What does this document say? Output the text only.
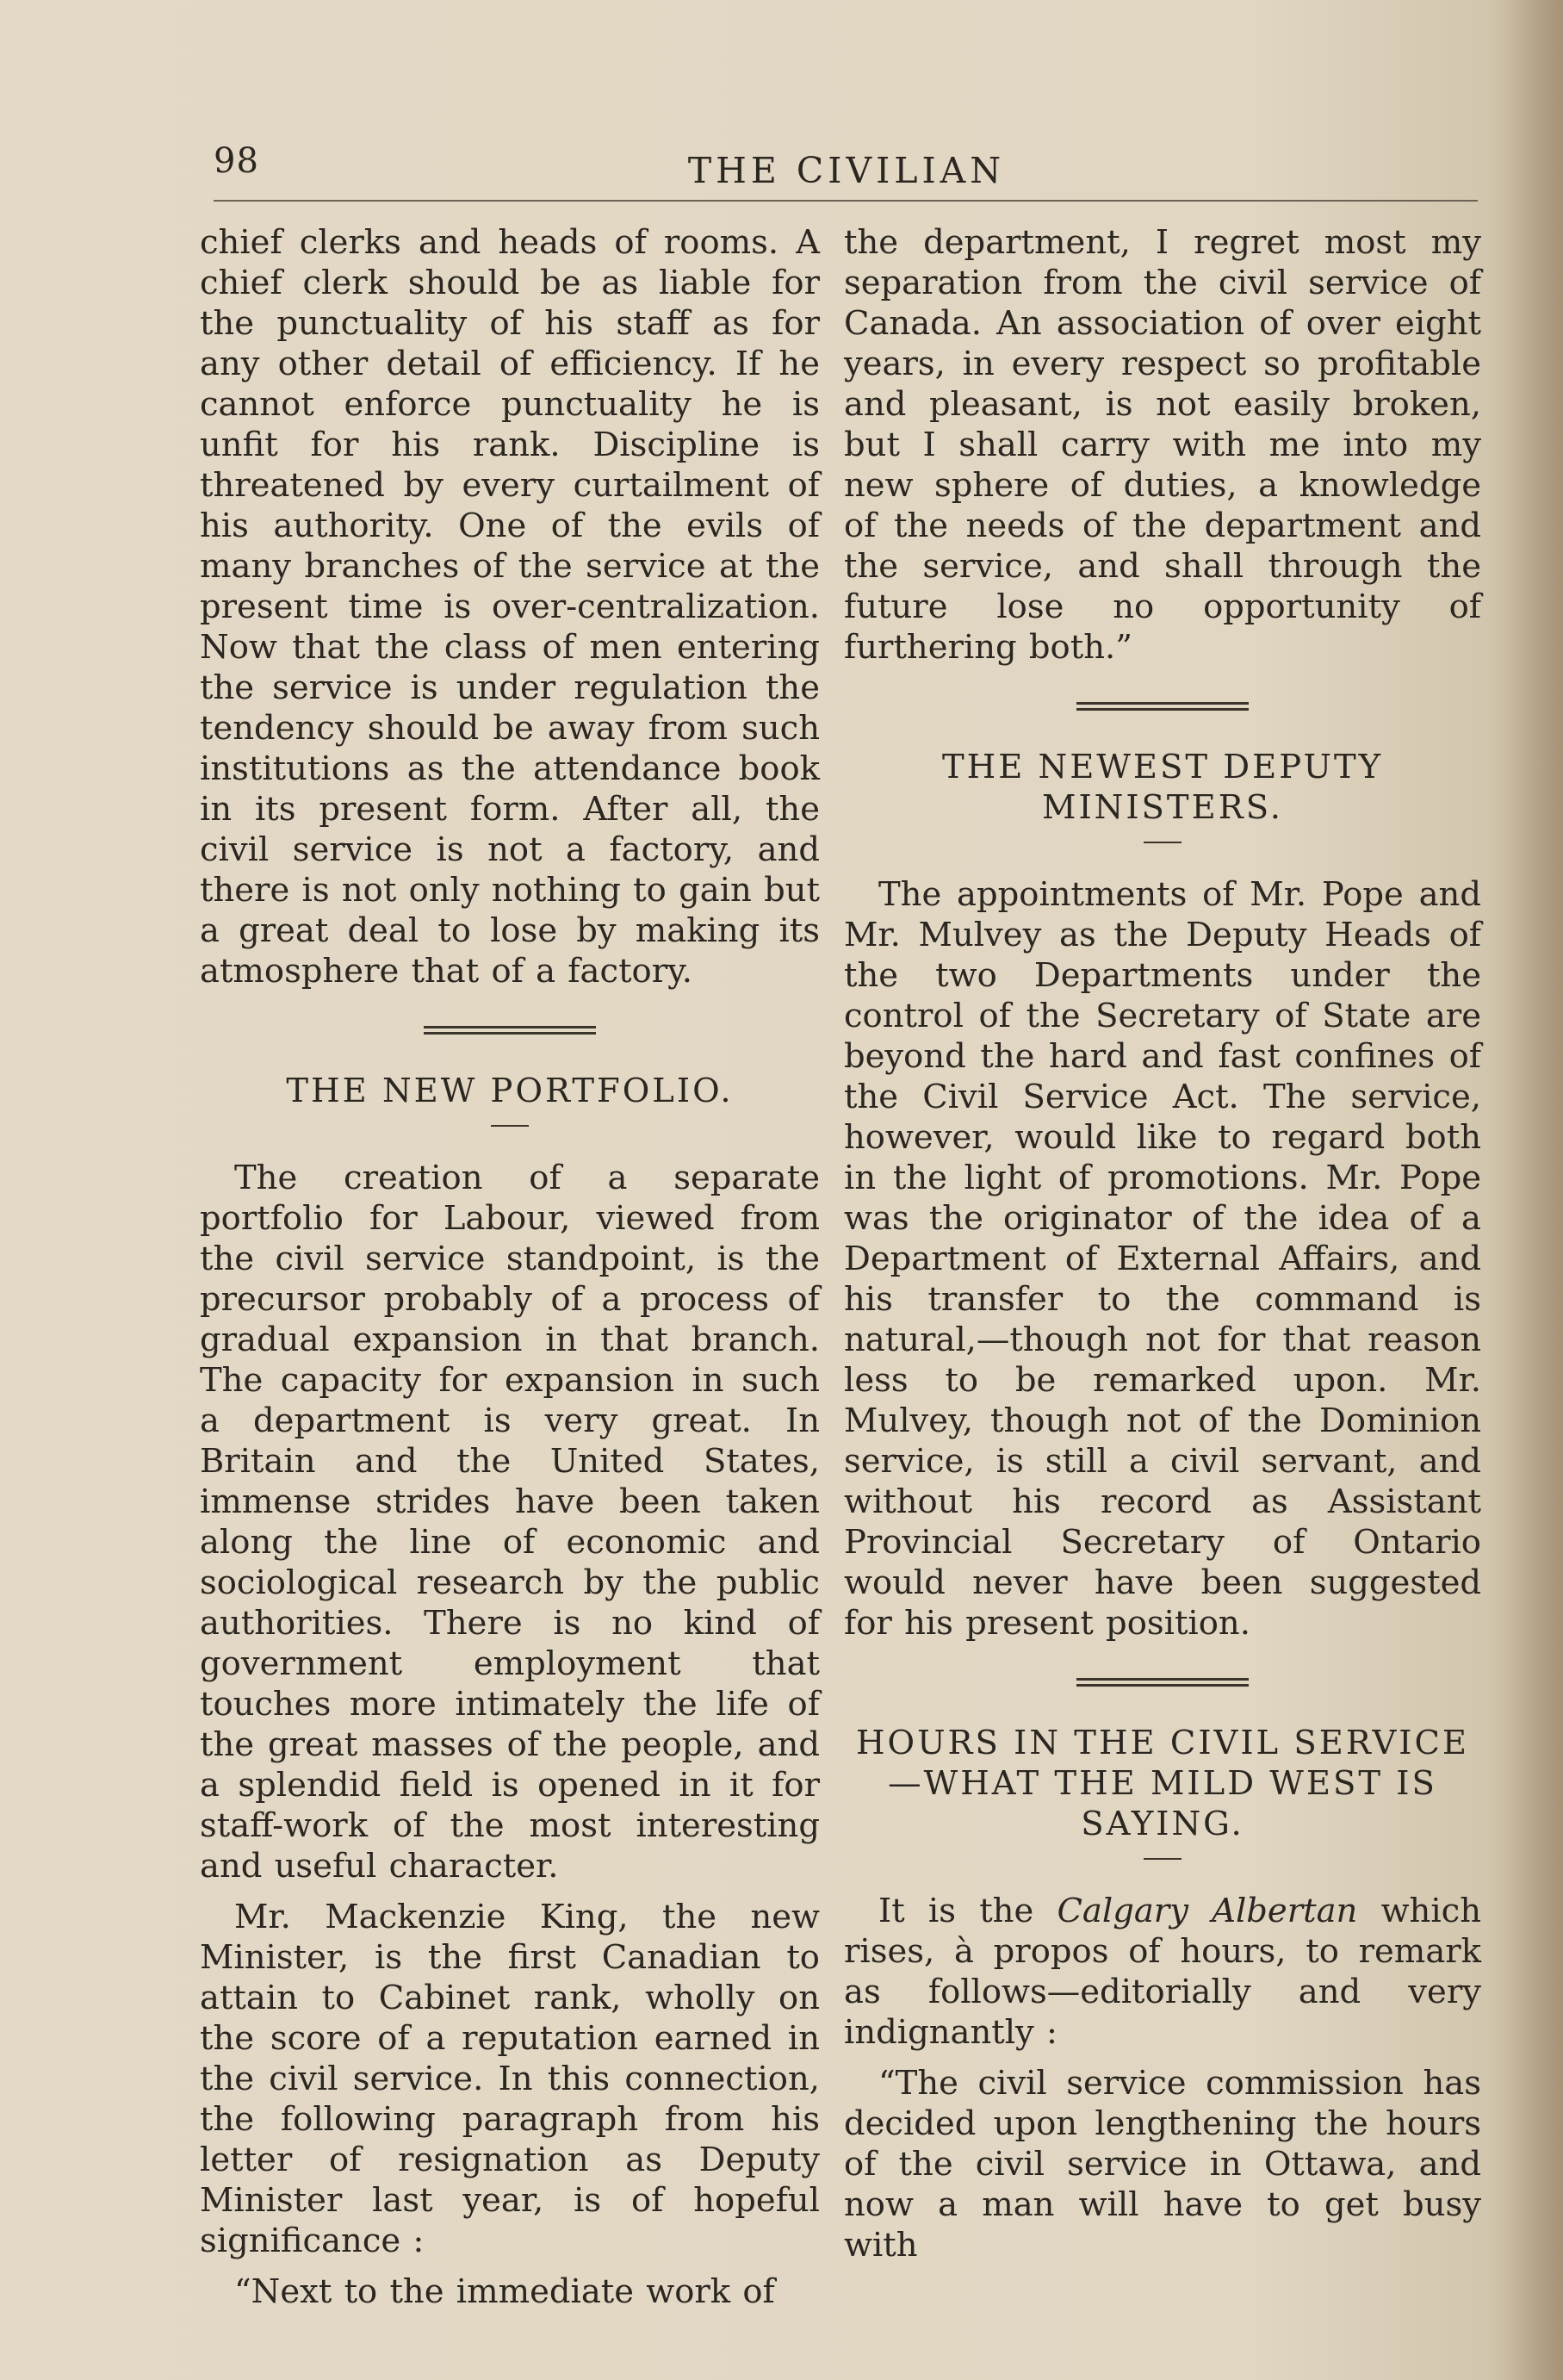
98	THE CIVILIAN

chief clerks and heads of rooms. A chief clerk should be as liable for the punctuality of his staff as for any other detail of efficiency. If he cannot enforce punctuality he is unfit for his rank. Discipline is threatened by every curtailment of his authority. One of the evils of many branches of the service at the present time is over-centralization. Now that the class of men entering the service is under regulation the tendency should be away from such institutions as the attendance book in its present form. After all, the civil service is not a factory, and there is not only nothing to gain but a great deal to lose by making its atmosphere that of a factory.

THE NEW PORTFOLIO.

The creation of a separate portfolio for Labour, viewed from the civil service standpoint, is the precursor probably of a process of gradual expansion in that branch. The capacity for expansion in such a department is very great. In Britain and the United States, immense strides have been taken along the line of economic and sociological research by the public authorities. There is no kind of government employment that touches more intimately the life of the great masses of the people, and a splendid field is opened in it for staff-work of the most interesting and useful character.

Mr. Mackenzie King, the new Minister, is the first Canadian to attain to Cabinet rank, wholly on the score of a reputation earned in the civil service. In this connection, the following paragraph from his letter of resignation as Deputy Minister last year, is of hopeful significance :

“Next to the immediate work of

the department, I regret most my separation from the civil service of Canada. An association of over eight years, in every respect so profitable and pleasant, is not easily broken, but I shall carry with me into my new sphere of duties, a knowledge of the needs of the department and the service, and shall through the future lose no opportunity of furthering both.”

THE NEWEST DEPUTY MINISTERS.

The appointments of Mr. Pope and Mr. Mulvey as the Deputy Heads of the two Departments under the control of the Secretary of State are beyond the hard and fast confines of the Civil Service Act. The service, however, would like to regard both in the light of promotions. Mr. Pope was the originator of the idea of a Department of External Affairs, and his transfer to the command is natural,—though not for that reason less to be remarked upon. Mr. Mulvey, though not of the Dominion service, is still a civil servant, and without his record as Assistant Provincial Secretary of Ontario would never have been suggested for his present position.

HOURS IN THE CIVIL SERVICE —WHAT THE MILD WEST IS SAYING.

It is the Calgary Albertan which rises, à propos of hours, to remark as follows—editorially and very indignantly :

“The civil service commission has decided upon lengthening the hours of the civil service in Ottawa, and now a man will have to get busy with
